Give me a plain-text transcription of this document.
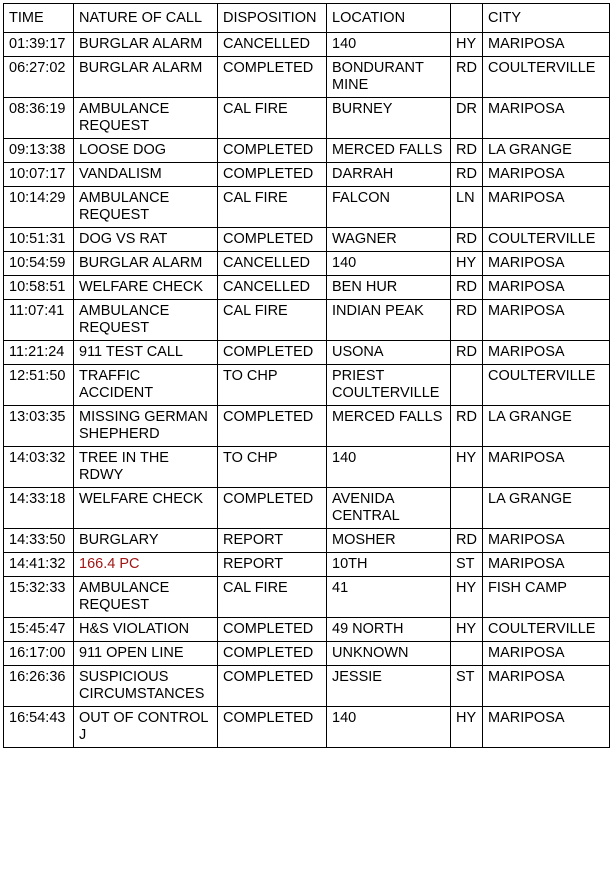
TIME	NATURE OF CALL	DISPOSITION	LOCATION		CITY
01:39:17	BURGLAR ALARM	CANCELLED	140	HY	MARIPOSA
06:27:02	BURGLAR ALARM	COMPLETED	BONDURANT MINE	RD	COULTERVILLE
08:36:19	AMBULANCE REQUEST	CAL FIRE	BURNEY	DR	MARIPOSA
09:13:38	LOOSE DOG	COMPLETED	MERCED FALLS	RD	LA GRANGE
10:07:17	VANDALISM	COMPLETED	DARRAH	RD	MARIPOSA
10:14:29	AMBULANCE REQUEST	CAL FIRE	FALCON	LN	MARIPOSA
10:51:31	DOG VS RAT	COMPLETED	WAGNER	RD	COULTERVILLE
10:54:59	BURGLAR ALARM	CANCELLED	140	HY	MARIPOSA
10:58:51	WELFARE CHECK	CANCELLED	BEN HUR	RD	MARIPOSA
11:07:41	AMBULANCE REQUEST	CAL FIRE	INDIAN PEAK	RD	MARIPOSA
11:21:24	911 TEST CALL	COMPLETED	USONA	RD	MARIPOSA
12:51:50	TRAFFIC ACCIDENT	TO CHP	PRIEST COULTERVILLE		COULTERVILLE
13:03:35	MISSING GERMAN SHEPHERD	COMPLETED	MERCED FALLS	RD	LA GRANGE
14:03:32	TREE IN THE RDWY	TO CHP	140	HY	MARIPOSA
14:33:18	WELFARE CHECK	COMPLETED	AVENIDA CENTRAL		LA GRANGE
14:33:50	BURGLARY	REPORT	MOSHER	RD	MARIPOSA
14:41:32	166.4 PC	REPORT	10TH	ST	MARIPOSA
15:32:33	AMBULANCE REQUEST	CAL FIRE	41	HY	FISH CAMP
15:45:47	H&S VIOLATION	COMPLETED	49 NORTH	HY	COULTERVILLE
16:17:00	911 OPEN LINE	COMPLETED	UNKNOWN		MARIPOSA
16:26:36	SUSPICIOUS CIRCUMSTANCES	COMPLETED	JESSIE	ST	MARIPOSA
16:54:43	OUT OF CONTROL J	COMPLETED	140	HY	MARIPOSA
